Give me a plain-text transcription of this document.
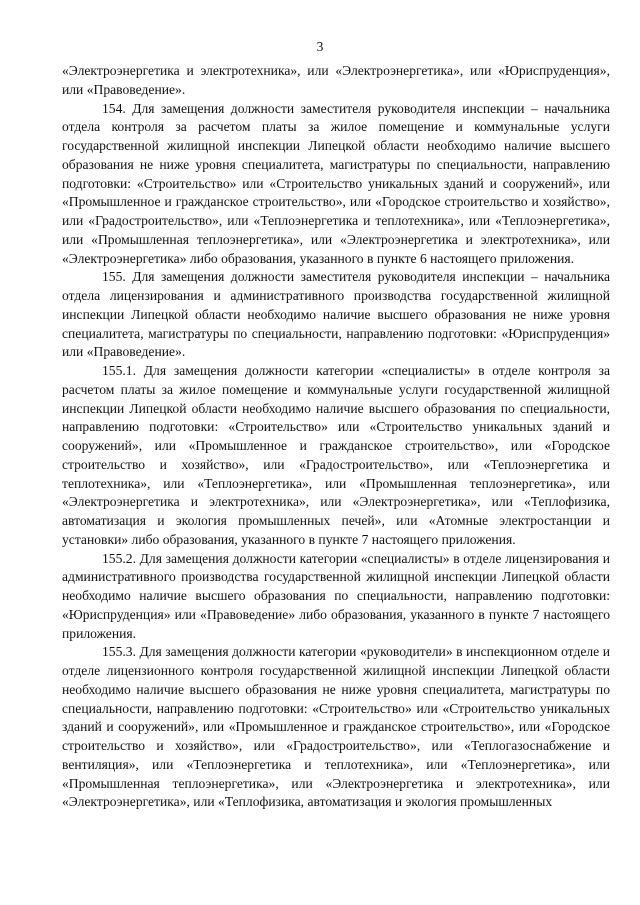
3

«Электроэнергетика и электротехника», или «Электроэнергетика», или «Юриспруденция», или «Правоведение».

154. Для замещения должности заместителя руководителя инспекции – начальника отдела контроля за расчетом платы за жилое помещение и коммунальные услуги государственной жилищной инспекции Липецкой области необходимо наличие высшего образования не ниже уровня специалитета, магистратуры по специальности, направлению подготовки: «Строительство» или «Строительство уникальных зданий и сооружений», или «Промышленное и гражданское строительство», или «Городское строительство и хозяйство», или «Градостроительство», или «Теплоэнергетика и теплотехника», или «Теплоэнергетика», или «Промышленная теплоэнергетика», или «Электроэнергетика и электротехника», или «Электроэнергетика» либо образования, указанного в пункте 6 настоящего приложения.

155. Для замещения должности заместителя руководителя инспекции – начальника отдела лицензирования и административного производства государственной жилищной инспекции Липецкой области необходимо наличие высшего образования не ниже уровня специалитета, магистратуры по специальности, направлению подготовки: «Юриспруденция» или «Правоведение».

155.1. Для замещения должности категории «специалисты» в отделе контроля за расчетом платы за жилое помещение и коммунальные услуги государственной жилищной инспекции Липецкой области необходимо наличие высшего образования по специальности, направлению подготовки: «Строительство» или «Строительство уникальных зданий и сооружений», или «Промышленное и гражданское строительство», или «Городское строительство и хозяйство», или «Градостроительство», или «Теплоэнергетика и теплотехника», или «Теплоэнергетика», или «Промышленная теплоэнергетика», или «Электроэнергетика и электротехника», или «Электроэнергетика», или «Теплофизика, автоматизация и экология промышленных печей», или «Атомные электростанции и установки» либо образования, указанного в пункте 7 настоящего приложения.

155.2. Для замещения должности категории «специалисты» в отделе лицензирования и административного производства государственной жилищной инспекции Липецкой области необходимо наличие высшего образования по специальности, направлению подготовки: «Юриспруденция» или «Правоведение» либо образования, указанного в пункте 7 настоящего приложения.

155.3. Для замещения должности категории «руководители» в инспекционном отделе и отделе лицензионного контроля государственной жилищной инспекции Липецкой области необходимо наличие высшего образования не ниже уровня специалитета, магистратуры по специальности, направлению подготовки: «Строительство» или «Строительство уникальных зданий и сооружений», или «Промышленное и гражданское строительство», или «Городское строительство и хозяйство», или «Градостроительство», или «Теплогазоснабжение и вентиляция», или «Теплоэнергетика и теплотехника», или «Теплоэнергетика», или «Промышленная теплоэнергетика», или «Электроэнергетика и электротехника», или «Электроэнергетика», или «Теплофизика, автоматизация и экология промышленных
